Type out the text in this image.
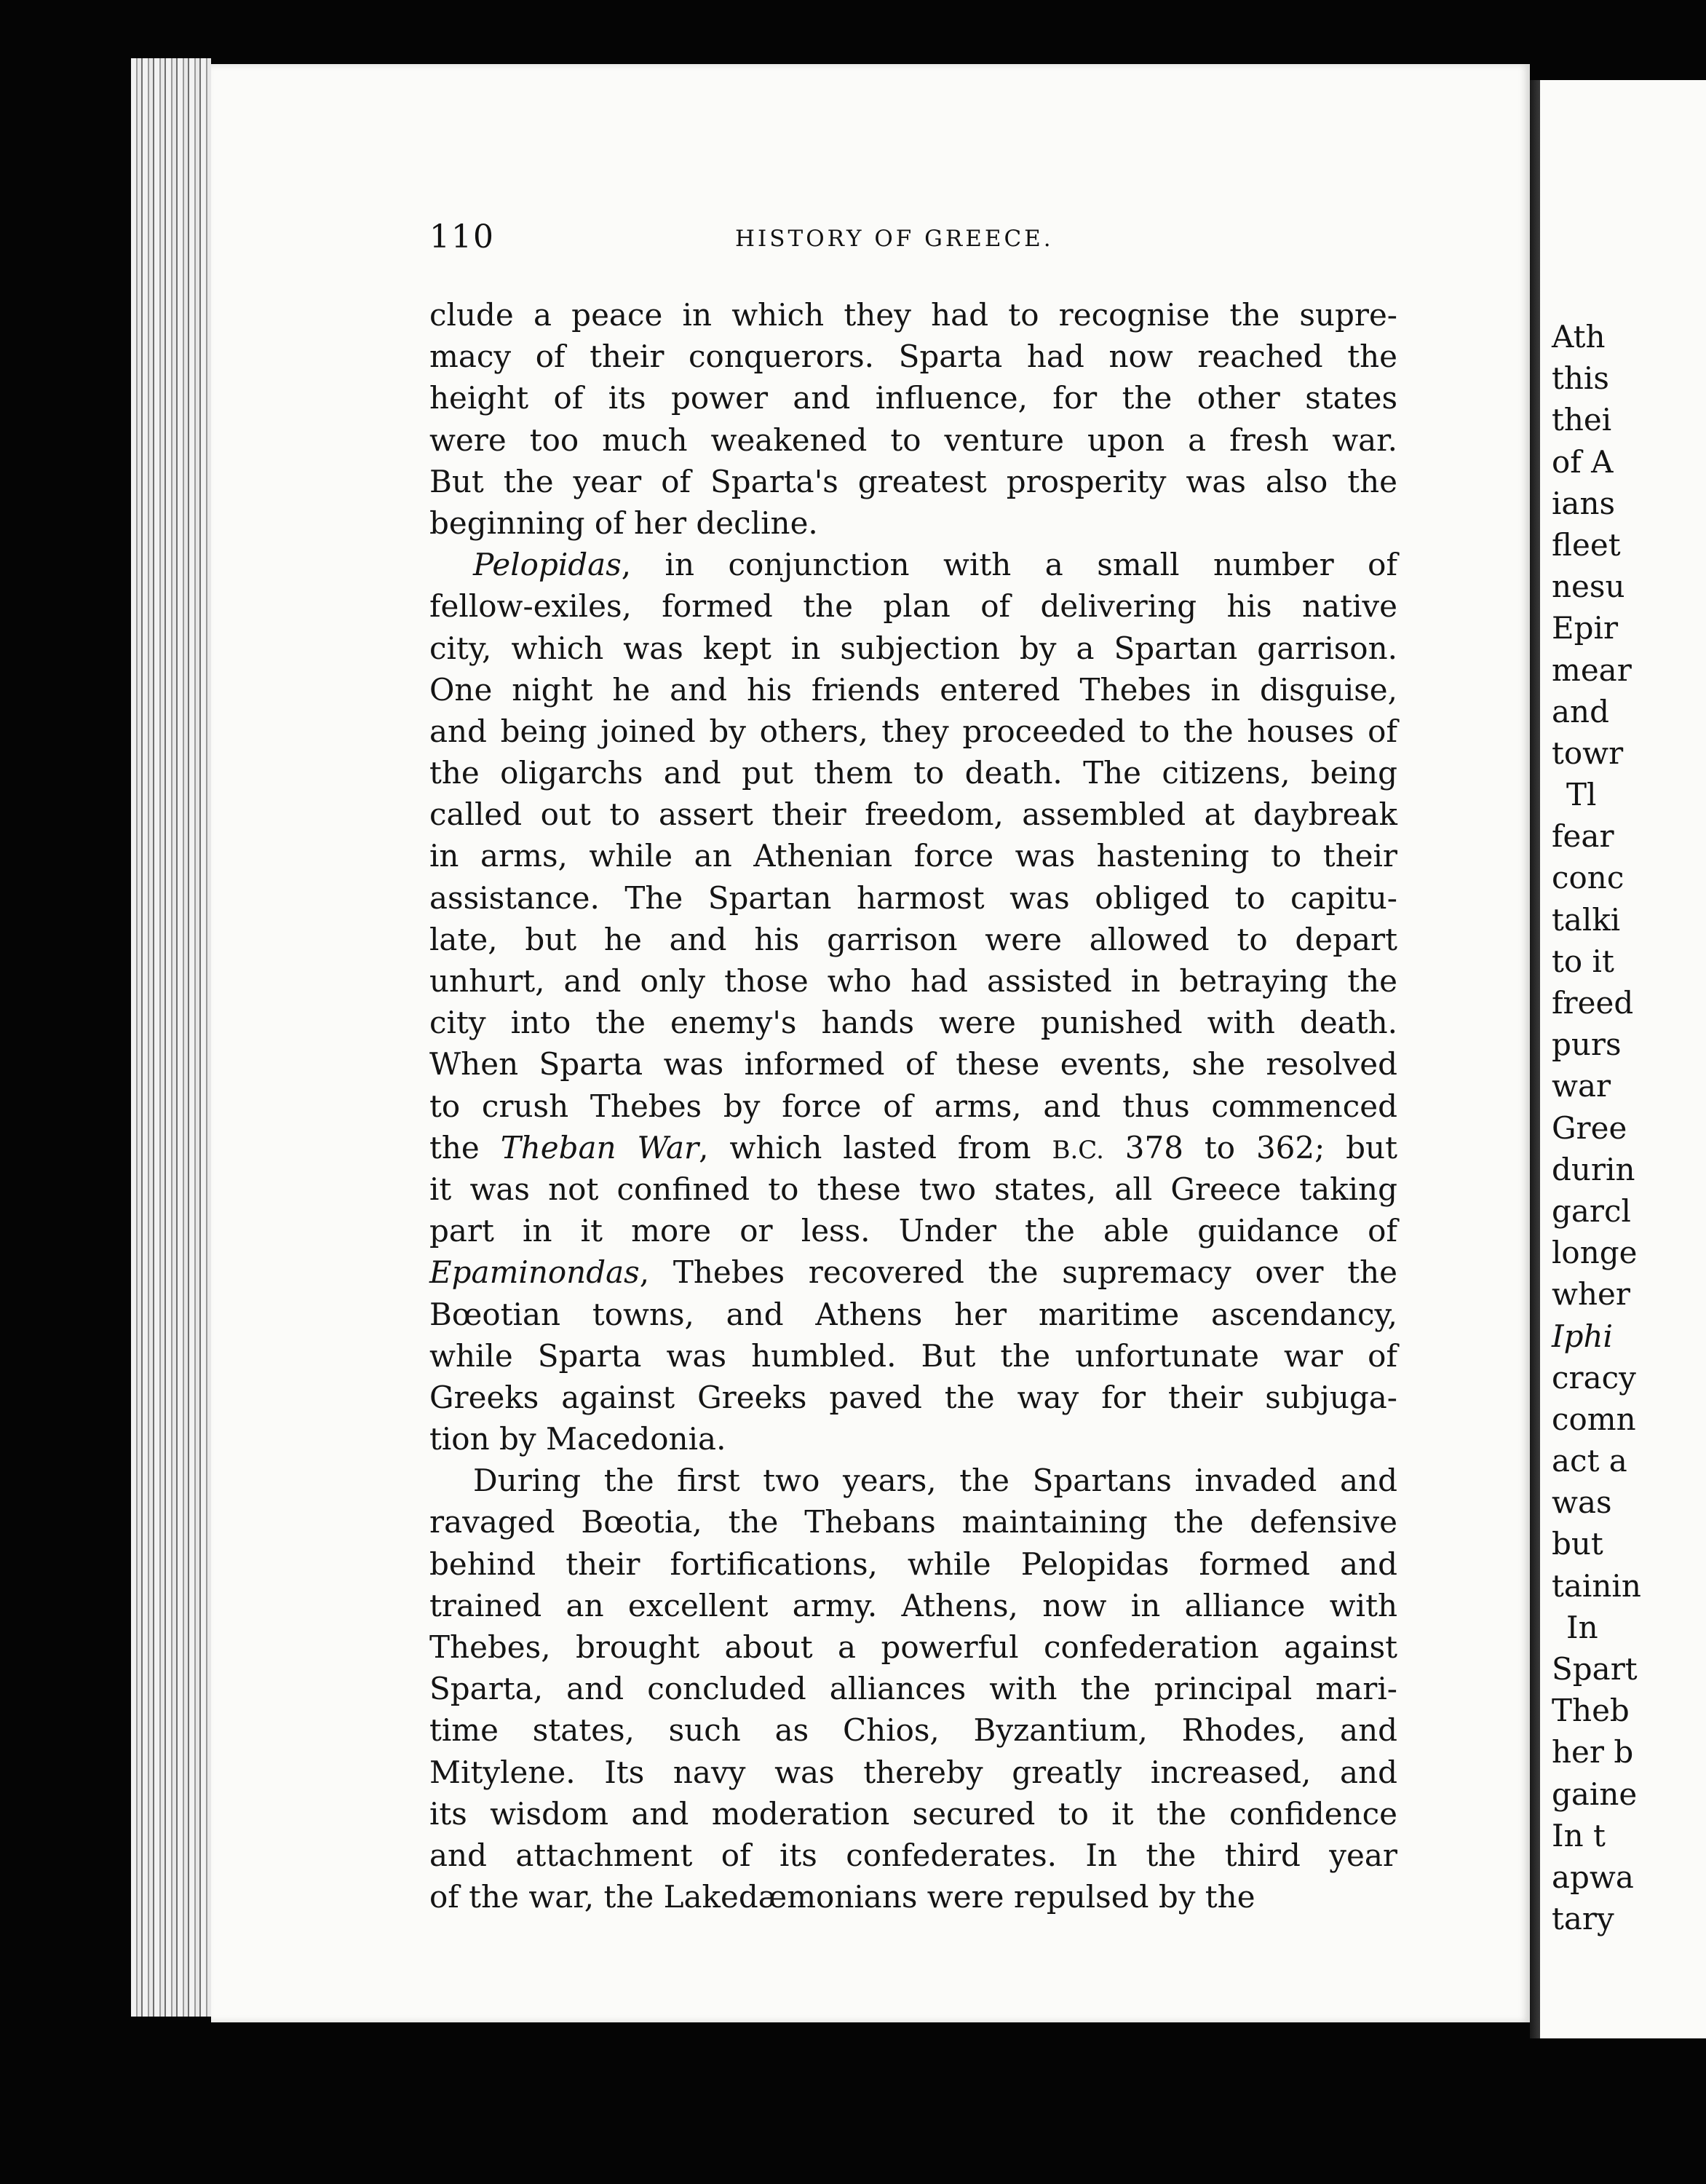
110	HISTORY OF GREECE.
clude a peace in which they had to recognise the supre-
macy of their conquerors. Sparta had now reached the
height of its power and influence, for the other states
were too much weakened to venture upon a fresh war.
But the year of Sparta's greatest prosperity was also the
beginning of her decline.
Pelopidas, in conjunction with a small number of
fellow-exiles, formed the plan of delivering his native
city, which was kept in subjection by a Spartan garrison.
One night he and his friends entered Thebes in disguise,
and being joined by others, they proceeded to the houses of
the oligarchs and put them to death. The citizens, being
called out to assert their freedom, assembled at daybreak
in arms, while an Athenian force was hastening to their
assistance. The Spartan harmost was obliged to capitu-
late, but he and his garrison were allowed to depart
unhurt, and only those who had assisted in betraying the
city into the enemy's hands were punished with death.
When Sparta was informed of these events, she resolved
to crush Thebes by force of arms, and thus commenced
the Theban War, which lasted from B.C. 378 to 362; but
it was not confined to these two states, all Greece taking
part in it more or less. Under the able guidance of
Epaminondas, Thebes recovered the supremacy over the
Bœotian towns, and Athens her maritime ascendancy,
while Sparta was humbled. But the unfortunate war of
Greeks against Greeks paved the way for their subjuga-
tion by Macedonia.
During the first two years, the Spartans invaded and
ravaged Bœotia, the Thebans maintaining the defensive
behind their fortifications, while Pelopidas formed and
trained an excellent army. Athens, now in alliance with
Thebes, brought about a powerful confederation against
Sparta, and concluded alliances with the principal mari-
time states, such as Chios, Byzantium, Rhodes, and
Mitylene. Its navy was thereby greatly increased, and
its wisdom and moderation secured to it the confidence
and attachment of its confederates. In the third year
of the war, the Lakedæmonians were repulsed by the
Ath
this
thei
of A
ians
fleet
nesu
Epir
mear
and
towr
Tl
fear
conc
talki
to it
freed
purs
war
Gree
durin
garcl
longe
wher
Iphi
cracy
comn
act a
was
but
tainin
In
Spart
Theb
her b
gaine
In t
apwa
tary
